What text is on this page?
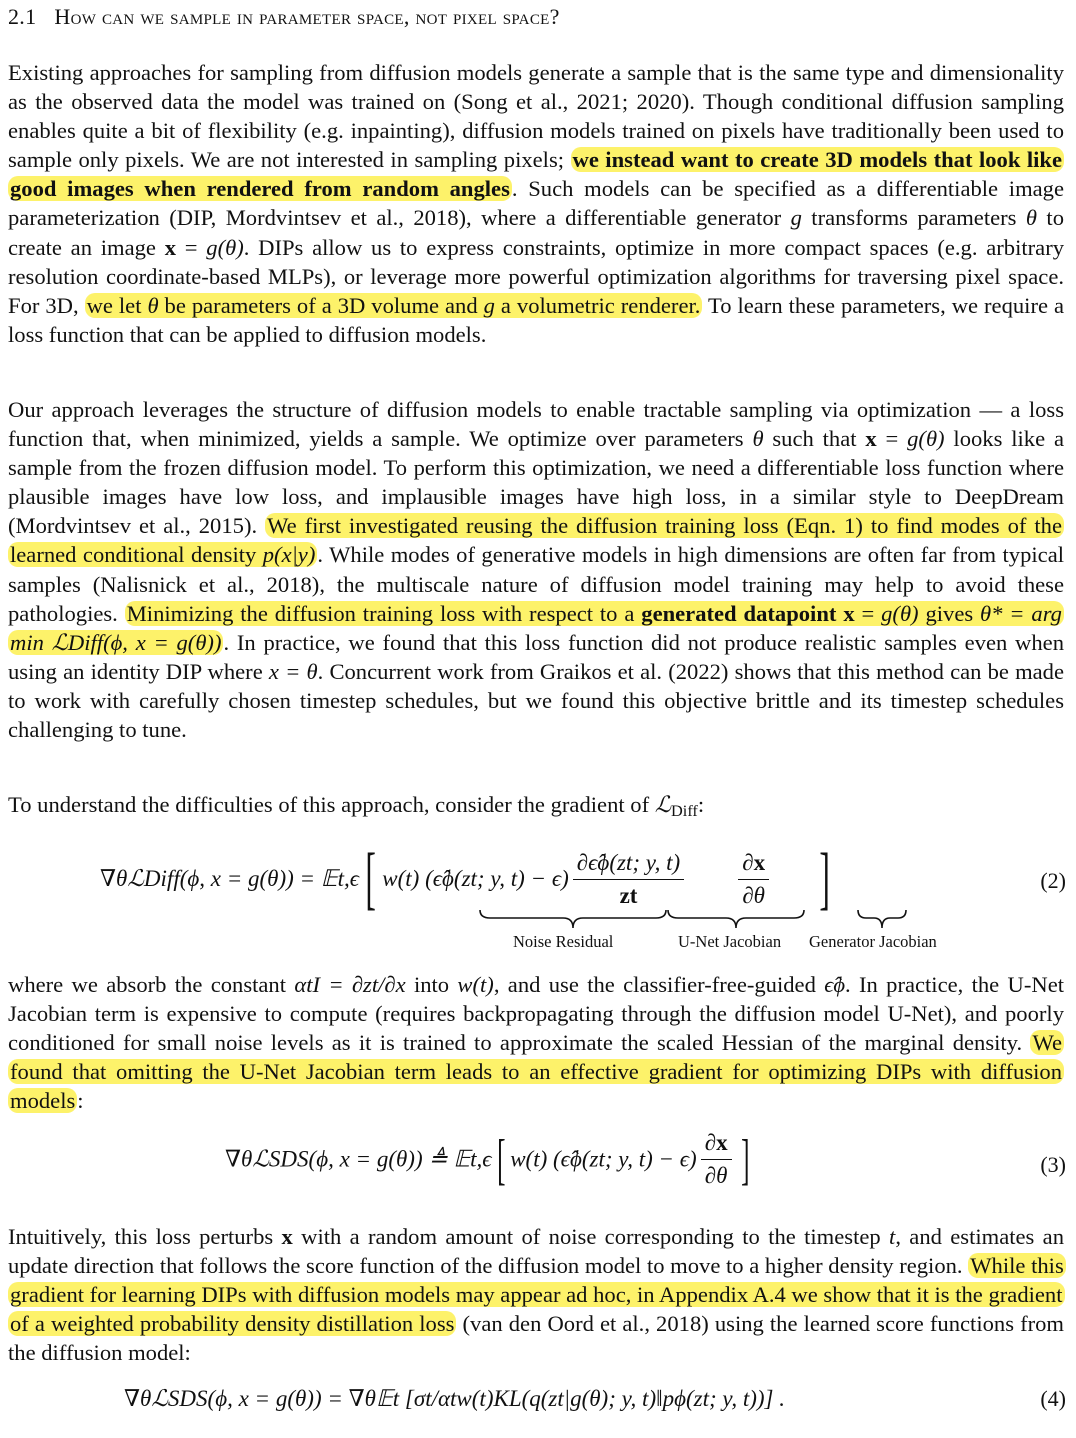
2.1 How can we sample in parameter space, not pixel space?

Existing approaches for sampling from diffusion models generate a sample that is the same type and dimensionality as the observed data the model was trained on (Song et al., 2021; 2020). Though conditional diffusion sampling enables quite a bit of flexibility (e.g. inpainting), diffusion models trained on pixels have traditionally been used to sample only pixels. We are not interested in sampling pixels; we instead want to create 3D models that look like good images when rendered from random angles. Such models can be specified as a differentiable image parameterization (DIP, Mordvintsev et al., 2018), where a differentiable generator g transforms parameters θ to create an image x = g(θ). DIPs allow us to express constraints, optimize in more compact spaces (e.g. arbitrary resolution coordinate-based MLPs), or leverage more powerful optimization algorithms for traversing pixel space. For 3D, we let θ be parameters of a 3D volume and g a volumetric renderer. To learn these parameters, we require a loss function that can be applied to diffusion models.

Our approach leverages the structure of diffusion models to enable tractable sampling via optimization — a loss function that, when minimized, yields a sample. We optimize over parameters θ such that x = g(θ) looks like a sample from the frozen diffusion model. To perform this optimization, we need a differentiable loss function where plausible images have low loss, and implausible images have high loss, in a similar style to DeepDream (Mordvintsev et al., 2015). We first investigated reusing the diffusion training loss (Eqn. 1) to find modes of the learned conditional density p(x|y). While modes of generative models in high dimensions are often far from typical samples (Nalisnick et al., 2018), the multiscale nature of diffusion model training may help to avoid these pathologies. Minimizing the diffusion training loss with respect to a generated datapoint x = g(θ) gives θ* = arg min ℒDiff(ϕ, x = g(θ)). In practice, we found that this loss function did not produce realistic samples even when using an identity DIP where x = θ. Concurrent work from Graikos et al. (2022) shows that this method can be made to work with carefully chosen timestep schedules, but we found this objective brittle and its timestep schedules challenging to tune.

To understand the difficulties of this approach, consider the gradient of ℒ$_{Diff}$:

∇θℒDiff(ϕ, x = g(θ)) = 𝔼t,ϵ[ w(t) (ϵ̂ϕ(zt; y, $t) - \epsilon) \frac{\partial\epsilon̂\phi(zt; y, t)}{zt} \frac{\partial x}{\partial\theta}$ ]	(2)
Noise Residual	U-Net Jacobian Generator Jacobian

where we absorb the constant αtI = ∂zt/∂x into w(t), and use the classifier-free-guided ϵ̂ϕ. In practice, the U-Net Jacobian term is expensive to compute (requires backpropagating through the diffusion model U-Net), and poorly conditioned for small noise levels as it is trained to approximate the scaled Hessian of the marginal density. We found that omitting the U-Net Jacobian term leads to an effective gradient for optimizing DIPs with diffusion models:

∇θℒSDS(ϕ, x = g(θ)) ≜ 𝔼t,ϵ[ w(t) (ϵ̂ϕ(zt; y, $t) - \epsilon) \frac{\partial x}{\partial\theta}$ ]	(3)

Intuitively, this loss perturbs x with a random amount of noise corresponding to the timestep t, and estimates an update direction that follows the score function of the diffusion model to move to a higher density region. While this gradient for learning DIPs with diffusion models may appear ad hoc, in Appendix A.4 we show that it is the gradient of a weighted probability density distillation loss (van den Oord et al., 2018) using the learned score functions from the diffusion model:

∇θℒSDS(ϕ, x = g(θ)) = ∇θ𝔼t [σt/αtw(t)KL(q(zt|g(θ); y, t)‖pϕ(zt; y, t))] .	(4)
